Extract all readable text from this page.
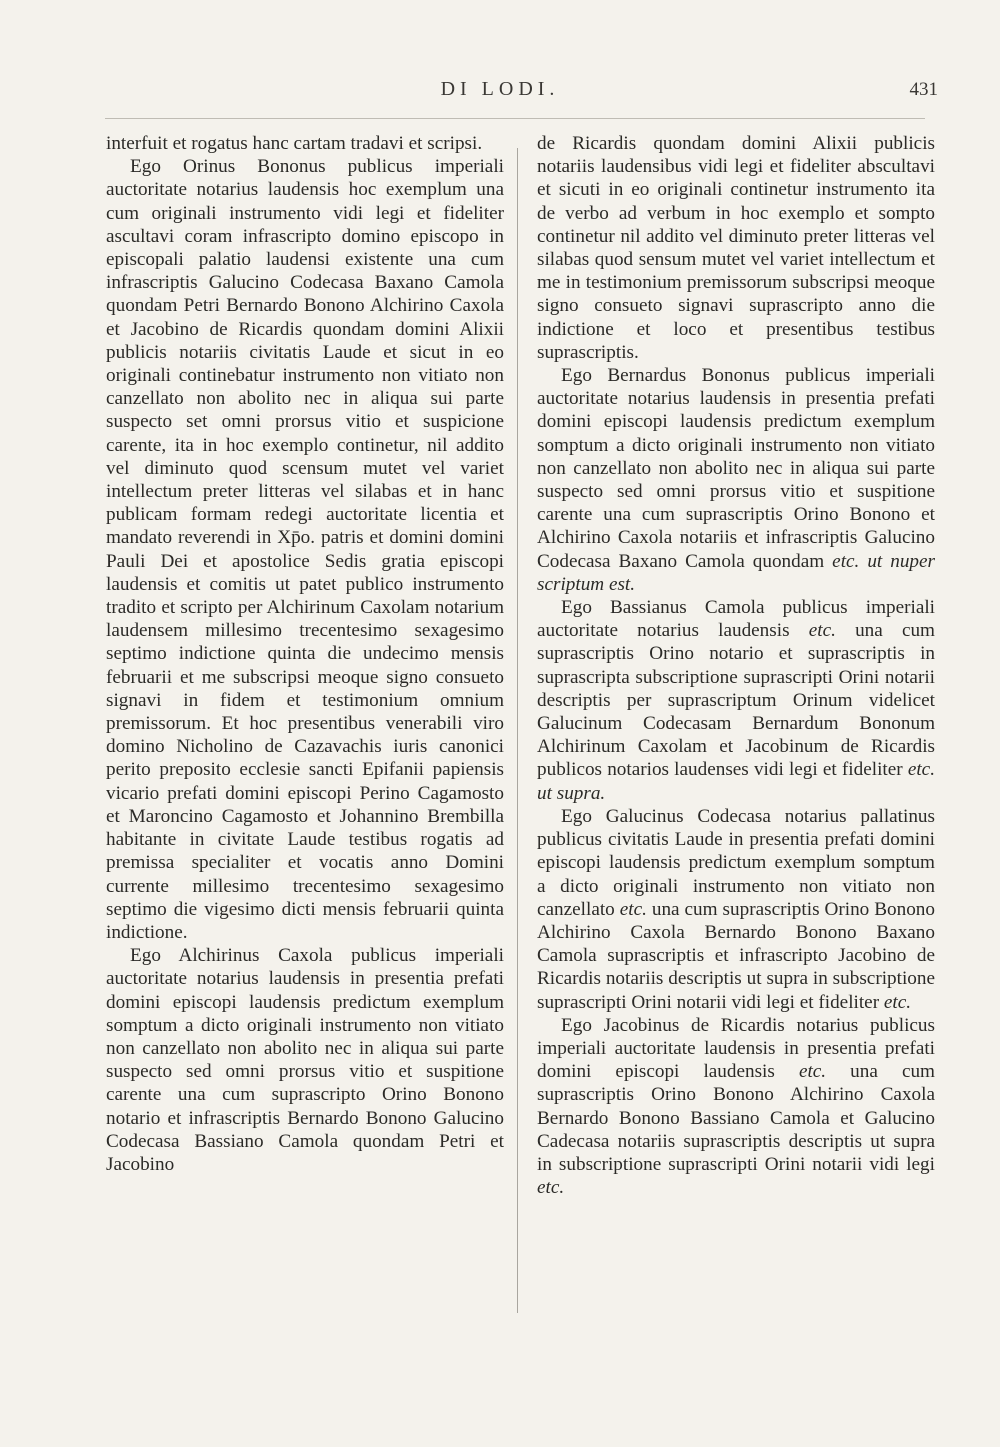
DI LODI.	431

interfuit et rogatus hanc cartam tradavi et scripsi.

Ego Orinus Bononus publicus imperiali auctoritate notarius laudensis hoc exemplum una cum originali instrumento vidi legi et fideliter ascultavi coram infrascripto domino episcopo in episcopali palatio laudensi existente una cum infrascriptis Galucino Codecasa Baxano Camola quondam Petri Bernardo Bonono Alchirino Caxola et Jacobino de Ricardis quondam domini Alixii publicis notariis civitatis Laude et sicut in eo originali continebatur instrumento non vitiato non canzellato non abolito nec in aliqua sui parte suspecto set omni prorsus vitio et suspicione carente, ita in hoc exemplo continetur, nil addito vel diminuto quod scensum mutet vel variet intellectum preter litteras vel silabas et in hanc publicam formam redegi auctoritate licentia et mandato reverendi in Xp̄o. patris et domini domini Pauli Dei et apostolice Sedis gratia episcopi laudensis et comitis ut patet publico instrumento tradito et scripto per Alchirinum Caxolam notarium laudensem millesimo trecentesimo sexagesimo septimo indictione quinta die undecimo mensis februarii et me subscripsi meoque signo consueto signavi in fidem et testimonium omnium premissorum. Et hoc presentibus venerabili viro domino Nicholino de Cazavachis iuris canonici perito preposito ecclesie sancti Epifanii papiensis vicario prefati domini episcopi Perino Cagamosto et Maroncino Cagamosto et Johannino Brembilla habitante in civitate Laude testibus rogatis ad premissa specialiter et vocatis anno Domini currente millesimo trecentesimo sexagesimo septimo die vigesimo dicti mensis februarii quinta indictione.

Ego Alchirinus Caxola publicus imperiali auctoritate notarius laudensis in presentia prefati domini episcopi laudensis predictum exemplum somptum a dicto originali instrumento non vitiato non canzellato non abolito nec in aliqua sui parte suspecto sed omni prorsus vitio et suspitione carente una cum suprascripto Orino Bonono notario et infrascriptis Bernardo Bonono Galucino Codecasa Bassiano Camola quondam Petri et Jacobino

de Ricardis quondam domini Alixii publicis notariis laudensibus vidi legi et fideliter abscultavi et sicuti in eo originali continetur instrumento ita de verbo ad verbum in hoc exemplo et sompto continetur nil addito vel diminuto preter litteras vel silabas quod sensum mutet vel variet intellectum et me in testimonium premissorum subscripsi meoque signo consueto signavi suprascripto anno die indictione et loco et presentibus testibus suprascriptis.

Ego Bernardus Bononus publicus imperiali auctoritate notarius laudensis in presentia prefati domini episcopi laudensis predictum exemplum somptum a dicto originali instrumento non vitiato non canzellato non abolito nec in aliqua sui parte suspecto sed omni prorsus vitio et suspitione carente una cum suprascriptis Orino Bonono et Alchirino Caxola notariis et infrascriptis Galucino Codecasa Baxano Camola quondam etc. ut nuper scriptum est.

Ego Bassianus Camola publicus imperiali auctoritate notarius laudensis etc. una cum suprascriptis Orino notario et suprascriptis in suprascripta subscriptione suprascripti Orini notarii descriptis per suprascriptum Orinum videlicet Galucinum Codecasam Bernardum Bononum Alchirinum Caxolam et Jacobinum de Ricardis publicos notarios laudenses vidi legi et fideliter etc. ut supra.

Ego Galucinus Codecasa notarius pallatinus publicus civitatis Laude in presentia prefati domini episcopi laudensis predictum exemplum somptum a dicto originali instrumento non vitiato non canzellato etc. una cum suprascriptis Orino Bonono Alchirino Caxola Bernardo Bonono Baxano Camola suprascriptis et infrascripto Jacobino de Ricardis notariis descriptis ut supra in subscriptione suprascripti Orini notarii vidi legi et fideliter etc.

Ego Jacobinus de Ricardis notarius publicus imperiali auctoritate laudensis in presentia prefati domini episcopi laudensis etc. una cum suprascriptis Orino Bonono Alchirino Caxola Bernardo Bonono Bassiano Camola et Galucino Cadecasa notariis suprascriptis descriptis ut supra in subscriptione suprascripti Orini notarii vidi legi etc.
